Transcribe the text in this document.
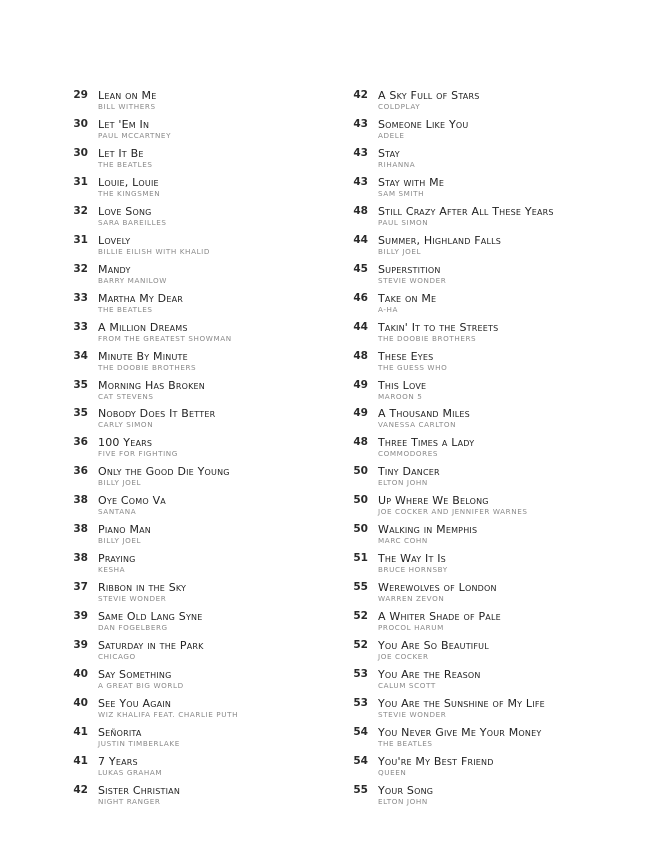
29 Lean on Me
BILL WITHERS
30 Let 'Em In
PAUL MCCARTNEY
30 Let It Be
THE BEATLES
31 Louie, Louie
THE KINGSMEN
32 Love Song
SARA BAREILLES
31 Lovely
BILLIE EILISH WITH KHALID
32 Mandy
BARRY MANILOW
33 Martha My Dear
THE BEATLES
33 A Million Dreams
FROM THE GREATEST SHOWMAN
34 Minute By Minute
THE DOOBIE BROTHERS
35 Morning Has Broken
CAT STEVENS
35 Nobody Does It Better
CARLY SIMON
36 100 Years
FIVE FOR FIGHTING
36 Only the Good Die Young
BILLY JOEL
38 Oye Como Va
SANTANA
38 Piano Man
BILLY JOEL
38 Praying
KESHA
37 Ribbon in the Sky
STEVIE WONDER
39 Same Old Lang Syne
DAN FOGELBERG
39 Saturday in the Park
CHICAGO
40 Say Something
A GREAT BIG WORLD
40 See You Again
WIZ KHALIFA FEAT. CHARLIE PUTH
41 Señorita
JUSTIN TIMBERLAKE
41 7 Years
LUKAS GRAHAM
42 Sister Christian
NIGHT RANGER
42 A Sky Full of Stars
COLDPLAY
43 Someone Like You
ADELE
43 Stay
RIHANNA
43 Stay with Me
SAM SMITH
48 Still Crazy After All These Years
PAUL SIMON
44 Summer, Highland Falls
BILLY JOEL
45 Superstition
STEVIE WONDER
46 Take on Me
A-HA
44 Takin' It to the Streets
THE DOOBIE BROTHERS
48 These Eyes
THE GUESS WHO
49 This Love
MAROON 5
49 A Thousand Miles
VANESSA CARLTON
48 Three Times a Lady
COMMODORES
50 Tiny Dancer
ELTON JOHN
50 Up Where We Belong
JOE COCKER AND JENNIFER WARNES
50 Walking in Memphis
MARC COHN
51 The Way It Is
BRUCE HORNSBY
55 Werewolves of London
WARREN ZEVON
52 A Whiter Shade of Pale
PROCOL HARUM
52 You Are So Beautiful
JOE COCKER
53 You Are the Reason
CALUM SCOTT
53 You Are the Sunshine of My Life
STEVIE WONDER
54 You Never Give Me Your Money
THE BEATLES
54 You're My Best Friend
QUEEN
55 Your Song
ELTON JOHN
